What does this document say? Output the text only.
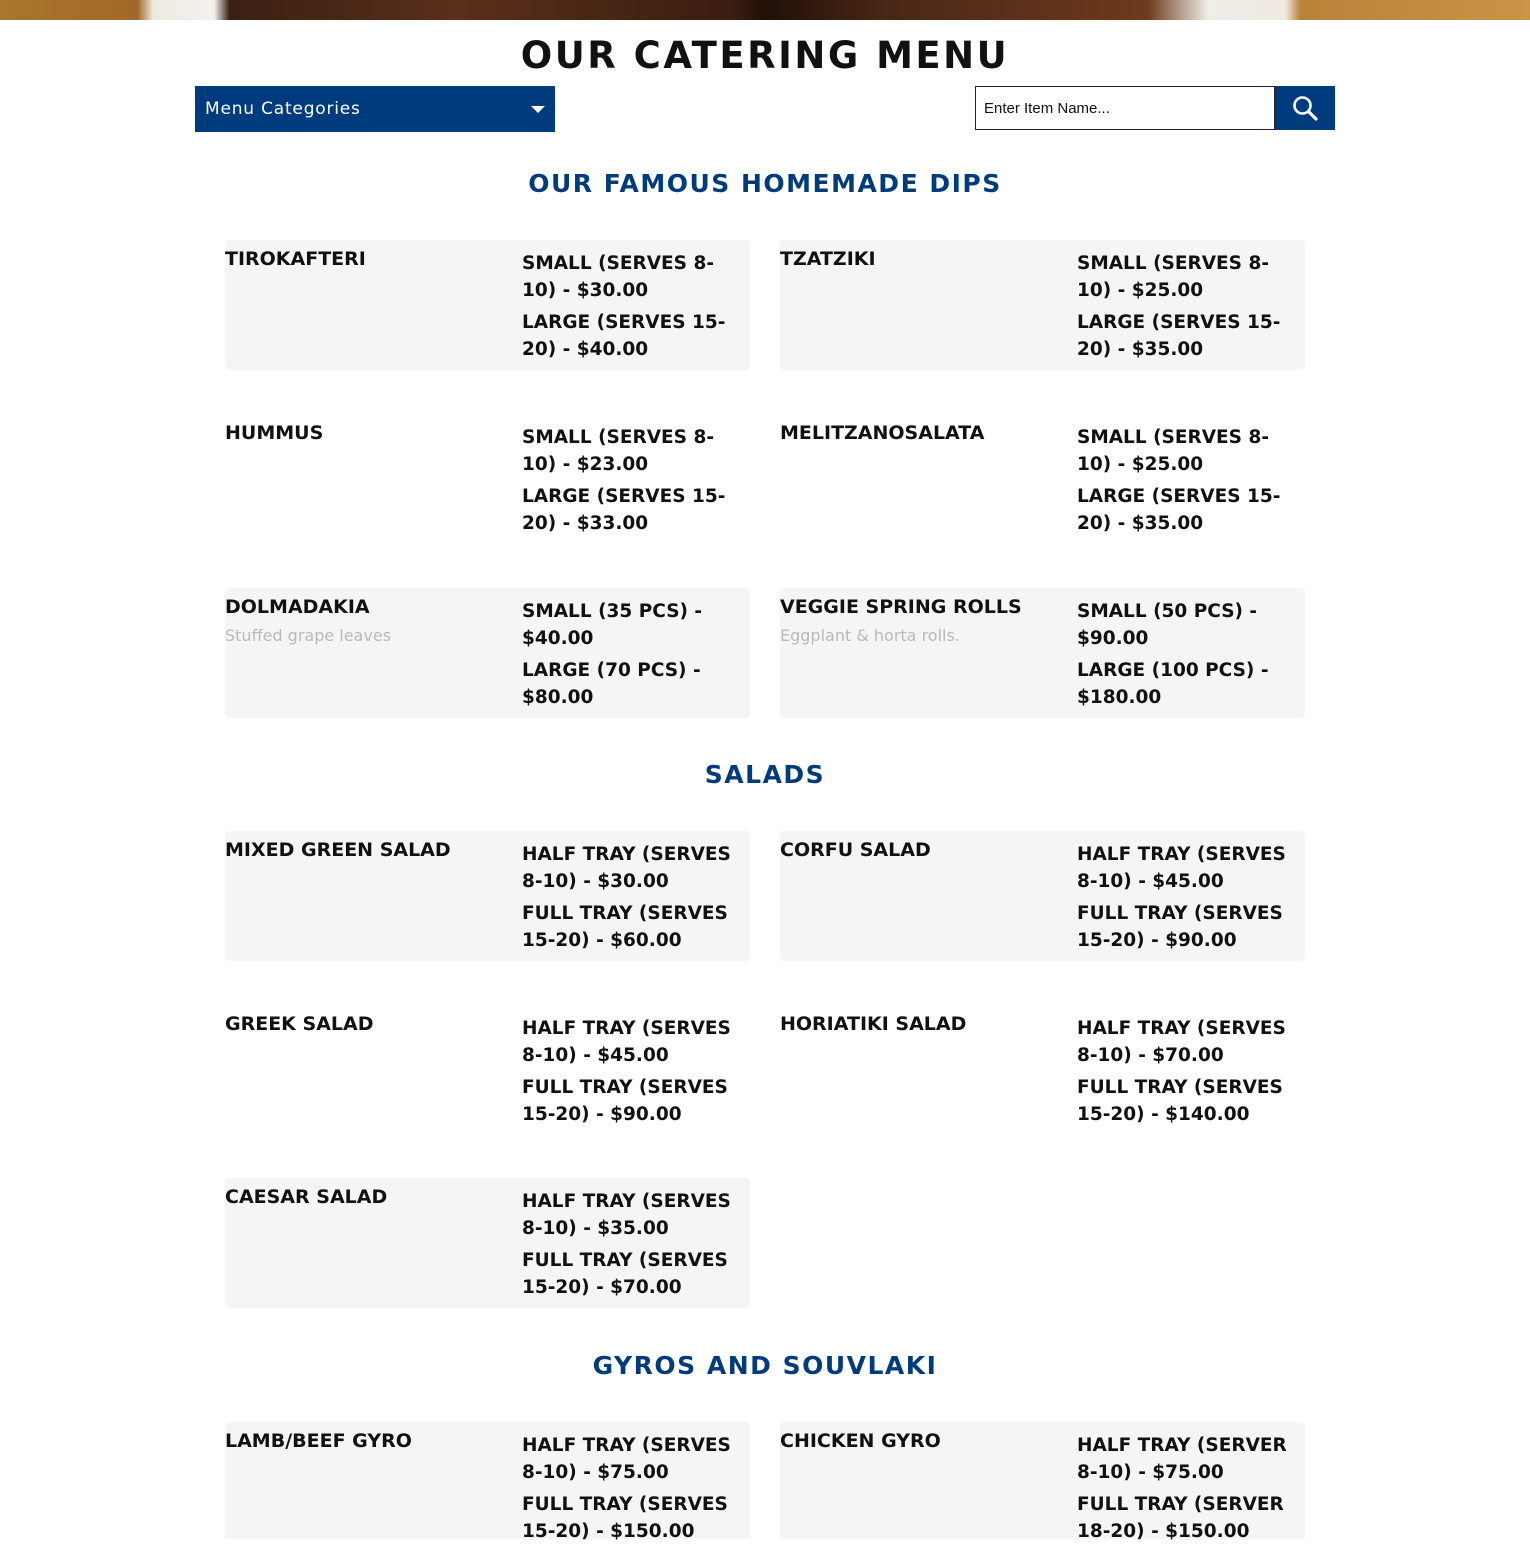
OUR CATERING MENU
Menu Categories
Enter Item Name...
OUR FAMOUS HOMEMADE DIPS
TIROKAFTERI	SMALL (SERVES 8-10) - $30.00
LARGE (SERVES 15-20) - $40.00
TZATZIKI	SMALL (SERVES 8-10) - $25.00
LARGE (SERVES 15-20) - $35.00
HUMMUS	SMALL (SERVES 8-10) - $23.00
LARGE (SERVES 15-20) - $33.00
MELITZANOSALATA	SMALL (SERVES 8-10) - $25.00
LARGE (SERVES 15-20) - $35.00
DOLMADAKIA
Stuffed grape leaves
SMALL (35 PCS) - $40.00
LARGE (70 PCS) - $80.00
VEGGIE SPRING ROLLS
Eggplant & horta rolls.
SMALL (50 PCS) - $90.00
LARGE (100 PCS) - $180.00
SALADS
MIXED GREEN SALAD	HALF TRAY (SERVES 8-10) - $30.00
FULL TRAY (SERVES 15-20) - $60.00
CORFU SALAD	HALF TRAY (SERVES 8-10) - $45.00
FULL TRAY (SERVES 15-20) - $90.00
GREEK SALAD	HALF TRAY (SERVES 8-10) - $45.00
FULL TRAY (SERVES 15-20) - $90.00
HORIATIKI SALAD	HALF TRAY (SERVES 8-10) - $70.00
FULL TRAY (SERVES 15-20) - $140.00
CAESAR SALAD	HALF TRAY (SERVES 8-10) - $35.00
FULL TRAY (SERVES 15-20) - $70.00
GYROS AND SOUVLAKI
LAMB/BEEF GYRO	HALF TRAY (SERVES 8-10) - $75.00
FULL TRAY (SERVES 15-20) - $150.00
CHICKEN GYRO	HALF TRAY (SERVER 8-10) - $75.00
FULL TRAY (SERVER 18-20) - $150.00
